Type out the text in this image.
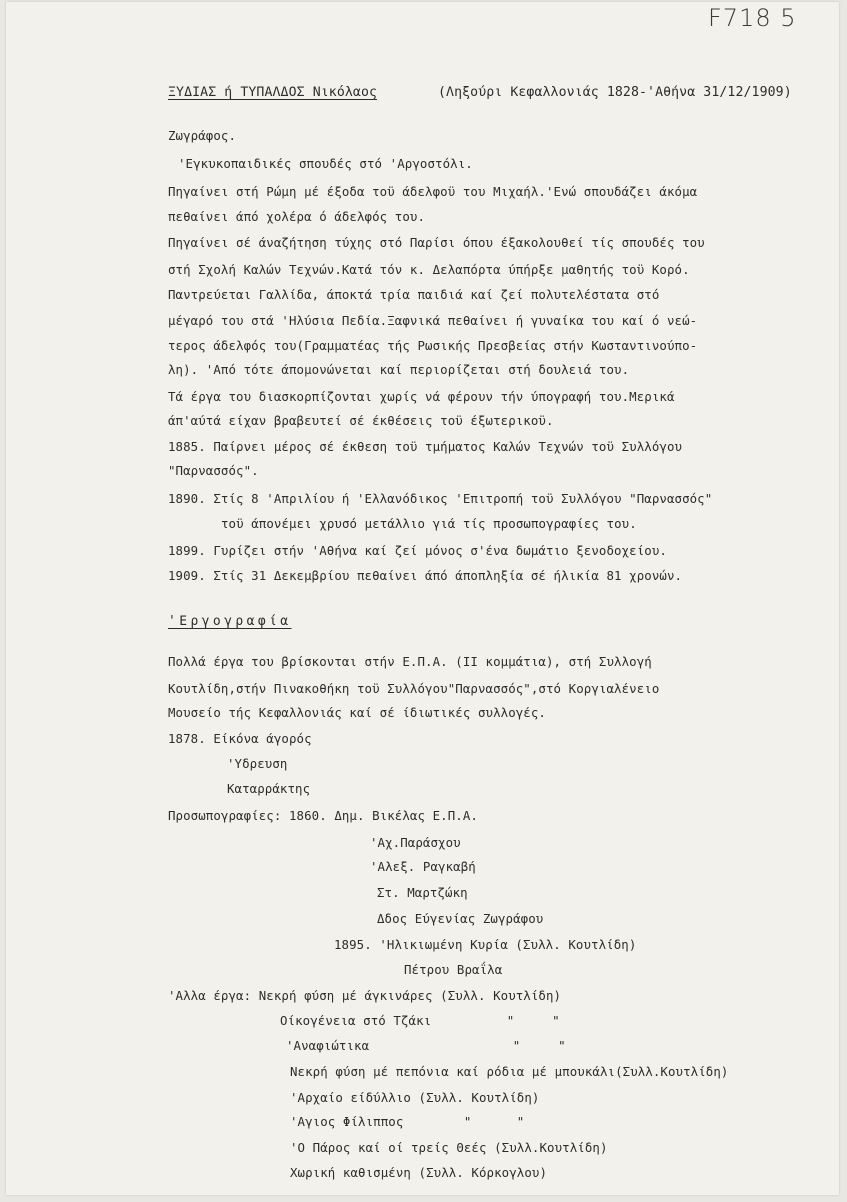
F718 5
ΞΥΔΙΑΣ ή ΤΥΠΑΛΔΟΣ Νικόλαος	(Ληξούρι Κεφαλλονιάς 1828-'Αθήνα 31/12/1909)
Ζωγράφος.
'Εγκυκοπαιδικές σπουδές στό 'Αργοστόλι.
Πηγαίνει στή Ρώμη μέ έξοδα τοϋ άδελφοϋ του Μιχαήλ.'Ενώ σπουδάζει άκόμα
πεθαίνει άπό χολέρα ό άδελφός του.
Πηγαίνει σέ άναζήτηση τύχης στό Παρίσι όπου έξακολουθεί τίς σπουδές του
στή Σχολή Καλών Τεχνών.Κατά τόν κ. Δελαπόρτα ύπήρξε μαθητής τοϋ Κορό.
Παντρεύεται Γαλλίδα, άποκτά τρία παιδιά καί ζεί πολυτελέστατα στό
μέγαρό του στά 'Ηλύσια Πεδία.Ξαφνικά πεθαίνει ή γυναίκα του καί ό νεώ-
τερος άδελφός του(Γραμματέας τής Ρωσικής Πρεσβείας στήν Κωσταντινούπο-
λη). 'Από τότε άπομονώνεται καί περιορίζεται στή δουλειά του.
Τά έργα του διασκορπίζονται χωρίς νά φέρουν τήν ύπογραφή του.Μερικά
άπ'αύτά είχαν βραβευτεί σέ έκθέσεις τοϋ έξωτερικοϋ.
1885. Παίρνει μέρος σέ έκθεση τοϋ τμήματος Καλών Τεχνών τοϋ Συλλόγου
"Παρνασσός".
1890. Στίς 8 'Απριλίου ή 'Ελλανόδικος 'Επιτροπή τοϋ Συλλόγου "Παρνασσός"
τοϋ άπονέμει χρυσό μετάλλιο γιά τίς προσωπογραφίες του.
1899. Γυρίζει στήν 'Αθήνα καί ζεί μόνος σ'ένα δωμάτιο ξενοδοχείου.
1909. Στίς 31 Δεκεμβρίου πεθαίνει άπό άποπληξία σέ ήλικία 81 χρονών.
'Εργογραφία
Πολλά έργα του βρίσκονται στήν Ε.Π.Α. (ΙΙ κομμάτια), στή Συλλογή
Κουτλίδη,στήν Πινακοθήκη τοϋ Συλλόγου"Παρνασσός",στό Κοργιαλένειο
Μουσείο τής Κεφαλλονιάς καί σέ ίδιωτικές συλλογές.
1878. Είκόνα άγορός
'Υδρευση
Καταρράκτης
Προσωπογραφίες: 1860. Δημ. Βικέλας Ε.Π.Α.
'Αχ.Παράσχου
'Αλεξ. Ραγκαβή
Στ. Μαρτζώκη
Δδος Εύγενίας Ζωγράφου
1895. 'Ηλικιωμένη Κυρία (Συλλ. Κουτλίδη)
Πέτρου Βραΐλα
'Αλλα έργα: Νεκρή φύση μέ άγκινάρες (Συλλ. Κουτλίδη)
Οίκογένεια στό Τζάκι          "     "
'Αναφιώτικα                   "     "
Νεκρή φύση μέ πεπόνια καί ρόδια μέ μπουκάλι(Συλλ.Κουτλίδη)
'Αρχαίο είδύλλιο (Συλλ. Κουτλίδη)
'Αγιος Φίλιππος        "      "
'Ο Πάρος καί οί τρείς Θεές (Συλλ.Κουτλίδη)
Χωρική καθισμένη (Συλλ. Κόρκογλου)
